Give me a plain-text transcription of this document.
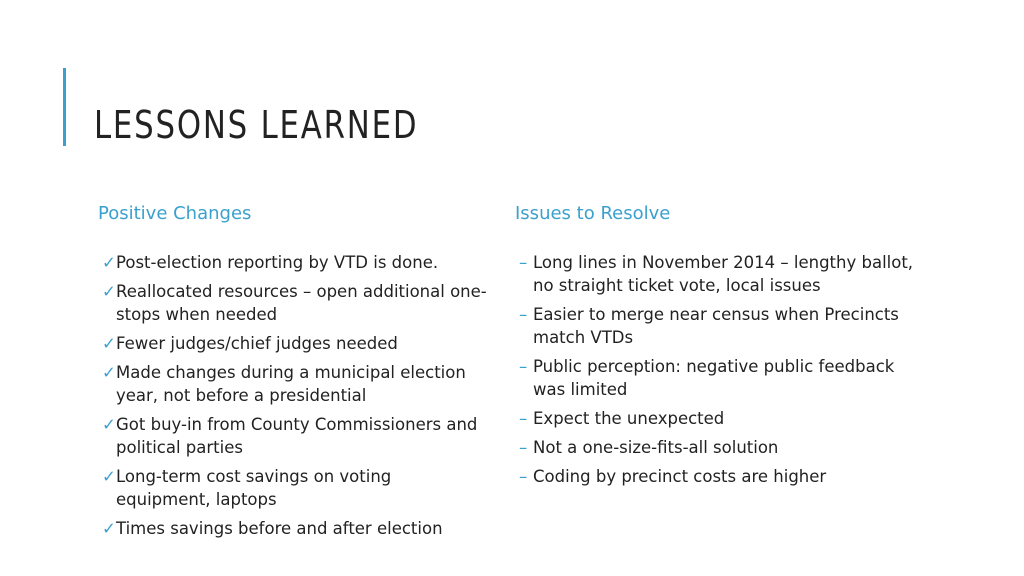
LESSONS LEARNED
Positive Changes
✓Post-election reporting by VTD is done.
✓Reallocated resources – open additional one-stops when needed
✓Fewer judges/chief judges needed
✓Made changes during a municipal election year, not before a presidential
✓Got buy-in from County Commissioners and political parties
✓Long-term cost savings on voting equipment, laptops
✓Times savings before and after election
Issues to Resolve
– Long lines in November 2014 – lengthy ballot, no straight ticket vote, local issues
– Easier to merge near census when Precincts match VTDs
– Public perception: negative public feedback was limited
– Expect the unexpected
– Not a one-size-fits-all solution
– Coding by precinct costs are higher
